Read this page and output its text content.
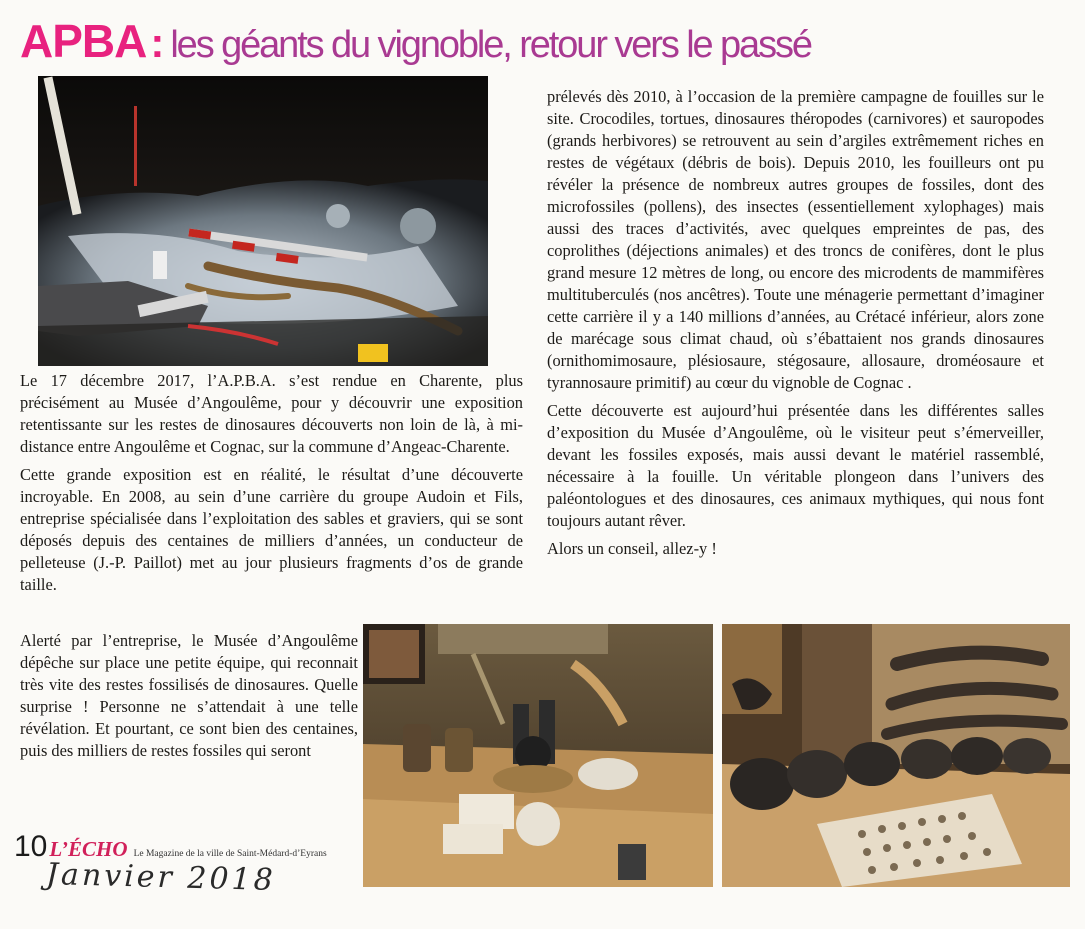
APBA: les géants du vignoble, retour vers le passé

Le 17 décembre 2017, l’A.P.B.A. s’est rendue en Charente, plus précisément au Musée d’Angoulême, pour y découvrir une exposition retentissante sur les restes de dinosaures découverts non loin de là, à mi-distance entre Angoulême et Cognac, sur la commune d’Angeac-Charente.

Cette grande exposition est en réalité, le résultat d’une découverte incroyable. En 2008, au sein d’une carrière du groupe Audoin et Fils, entreprise spécialisée dans l’exploitation des sables et graviers, qui se sont déposés depuis des centaines de milliers d’années, un conducteur de pelleteuse (J.-P. Paillot) met au jour plusieurs fragments d’os de grande taille.

Alerté par l’entreprise, le Musée d’Angoulême dépêche sur place une petite équipe, qui reconnait très vite des restes fossilisés de dinosaures. Quelle surprise ! Personne ne s’attendait à une telle révélation. Et pourtant, ce sont bien des centaines, puis des milliers de restes fossiles qui seront

prélevés dès 2010, à l’occasion de la première campagne de fouilles sur le site. Crocodiles, tortues, dinosaures théropodes (carnivores) et sauropodes (grands herbivores) se retrouvent au sein d’argiles extrêmement riches en restes de végétaux (débris de bois). Depuis 2010, les fouilleurs ont pu révéler la présence de nombreux autres groupes de fossiles, dont des microfossiles (pollens), des insectes (essentiellement xylophages) mais aussi des traces d’activités, avec quelques empreintes de pas, des coprolithes (déjections animales) et des troncs de conifères, dont le plus grand mesure 12 mètres de long, ou encore des microdents de mammifères multituberculés (nos ancêtres). Toute une ménagerie permettant d’imaginer cette carrière il y a 140 millions d’années, au Crétacé inférieur, alors zone de marécage sous climat chaud, où s’ébattaient nos grands dinosaures (ornithomimosaure, plésiosaure, stégosaure, allosaure, droméosaure et tyrannosaure primitif) au cœur du vignoble de Cognac .

Cette découverte est aujourd’hui présentée dans les différentes salles d’exposition du Musée d’Angoulême, où le visiteur peut s’émerveiller, devant les fossiles exposés, mais aussi devant le matériel rassemblé, nécessaire à la fouille. Un véritable plongeon dans l’univers des paléontologues et des dinosaures, ces animaux mythiques, qui nous font toujours autant rêver.

Alors un conseil, allez-y !

10L’ÉCHO Le Magazine de la ville de Saint-Médard-d’Eyrans
Janvier 2018
